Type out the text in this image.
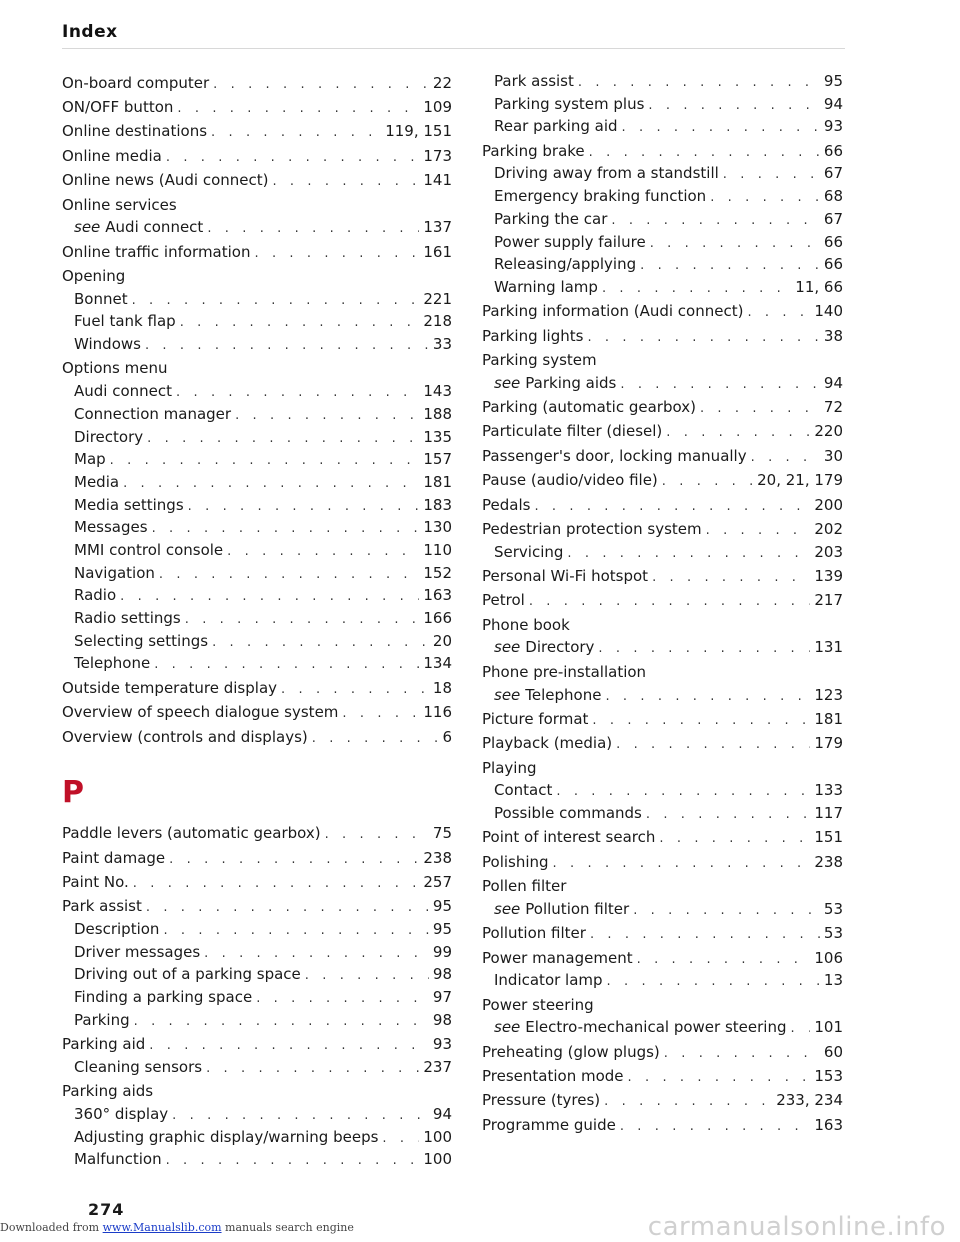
Index
On-board computer . . .	22
ON/OFF button . . .	109
Online destinations . . .	119, 151
Online media . . .	173
Online news (Audi connect) . . .	141
Online services
see Audi connect . . .	137
Online traffic information . . .	161
Opening
Bonnet . . .	221
Fuel tank flap . . .	218
Windows . . .	33
Options menu
Audi connect . . .	143
Connection manager . . .	188
Directory . . .	135
Map . . .	157
Media . . .	181
Media settings . . .	183
Messages . . .	130
MMI control console . . .	110
Navigation . . .	152
Radio . . .	163
Radio settings . . .	166
Selecting settings . . .	20
Telephone . . .	134
Outside temperature display . . .	18
Overview of speech dialogue system . . .	116
Overview (controls and displays) . . .	6
P
Paddle levers (automatic gearbox) . . .	75
Paint damage . . .	238
Paint No. . . .	257
Park assist . . .	95
Description . . .	95
Driver messages . . .	99
Driving out of a parking space . . .	98
Finding a parking space . . .	97
Parking . . .	98
Parking aid . . .	93
Cleaning sensors . . .	237
Parking aids
360° display . . .	94
Adjusting graphic display/warning beeps . . .	100
Malfunction . . .	100
Park assist . . .	95
Parking system plus . . .	94
Rear parking aid . . .	93
Parking brake . . .	66
Driving away from a standstill . . .	67
Emergency braking function . . .	68
Parking the car . . .	67
Power supply failure . . .	66
Releasing/applying . . .	66
Warning lamp . . .	11, 66
Parking information (Audi connect) . . .	140
Parking lights . . .	38
Parking system
see Parking aids . . .	94
Parking (automatic gearbox) . . .	72
Particulate filter (diesel) . . .	220
Passenger's door, locking manually . . .	30
Pause (audio/video file) . . .	20, 21, 179
Pedals . . .	200
Pedestrian protection system . . .	202
Servicing . . .	203
Personal Wi-Fi hotspot . . .	139
Petrol . . .	217
Phone book
see Directory . . .	131
Phone pre-installation
see Telephone . . .	123
Picture format . . .	181
Playback (media) . . .	179
Playing
Contact . . .	133
Possible commands . . .	117
Point of interest search . . .	151
Polishing . . .	238
Pollen filter
see Pollution filter . . .	53
Pollution filter . . .	53
Power management . . .	106
Indicator lamp . . .	13
Power steering
see Electro-mechanical power steering . . . 101
Preheating (glow plugs) . . .	60
Presentation mode . . .	153
Pressure (tyres) . . .	233, 234
Programme guide . . .	163
274
Downloaded from www.Manualslib.com manuals search engine	carmanualsonline.info
